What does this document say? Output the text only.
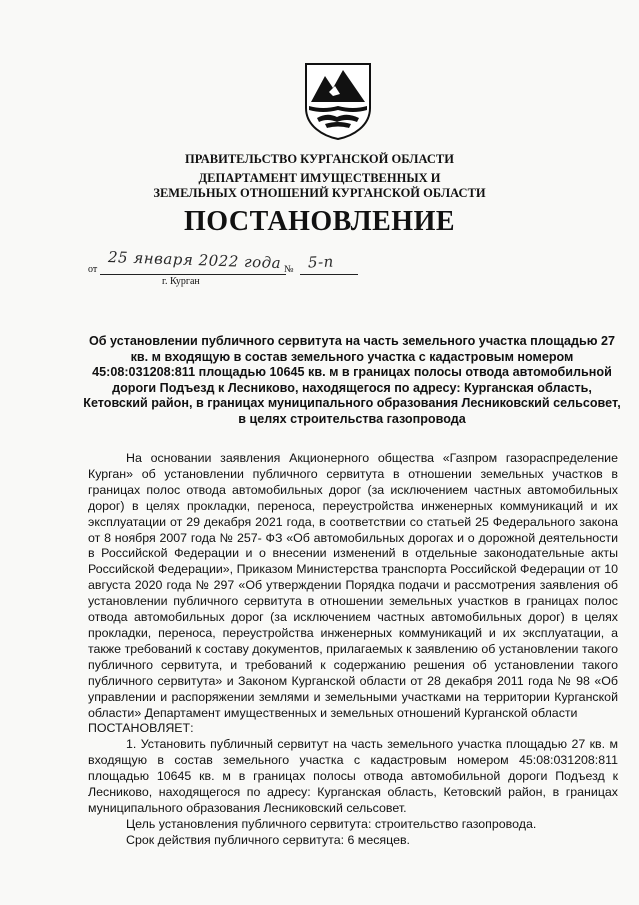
ПРАВИТЕЛЬСТВО КУРГАНСКОЙ ОБЛАСТИ
ДЕПАРТАМЕНТ ИМУЩЕСТВЕННЫХ И
ЗЕМЕЛЬНЫХ ОТНОШЕНИЙ КУРГАНСКОЙ ОБЛАСТИ
ПОСТАНОВЛЕНИЕ
от	№
25 января 2022 года 5-п
г. Курган
Об установлении публичного сервитута на часть земельного участка площадью 27 кв. м входящую в состав земельного участка с кадастровым номером 45:08:031208:811 площадью 10645 кв. м в границах полосы отвода автомобильной дороги Подъезд к Лесниково, находящегося по адресу: Курганская область, Кетовский район, в границах муниципального образования Лесниковский сельсовет, в целях строительства газопровода

На основании заявления Акционерного общества «Газпром газораспределение Курган» об установлении публичного сервитута в отношении земельных участков в границах полос отвода автомобильных дорог (за исключением частных автомобильных дорог) в целях прокладки, переноса, переустройства инженерных коммуникаций и их эксплуатации от 29 декабря 2021 года, в соответствии со статьей 25 Федерального закона от 8 ноября 2007 года № 257- ФЗ «Об автомобильных дорогах и о дорожной деятельности в Российской Федерации и о внесении изменений в отдельные законодательные акты Российской Федерации», Приказом Министерства транспорта Российской Федерации от 10 августа 2020 года № 297 «Об утверждении Порядка подачи и рассмотрения заявления об установлении публичного сервитута в отношении земельных участков в границах полос отвода автомобильных дорог (за исключением частных автомобильных дорог) в целях прокладки, переноса, переустройства инженерных коммуникаций и их эксплуатации, а также требований к составу документов, прилагаемых к заявлению об установлении такого публичного сервитута, и требований к содержанию решения об установлении такого публичного сервитута» и Законом Курганской области от 28 декабря 2011 года № 98 «Об управлении и распоряжении землями и земельными участками на территории Курганской области» Департамент имущественных и земельных отношений Курганской области

ПОСТАНОВЛЯЕТ:

1. Установить публичный сервитут на часть земельного участка площадью 27 кв. м входящую в состав земельного участка с кадастровым номером 45:08:031208:811 площадью 10645 кв. м в границах полосы отвода автомобильной дороги Подъезд к Лесниково, находящегося по адресу: Курганская область, Кетовский район, в границах муниципального образования Лесниковский сельсовет.

Цель установления публичного сервитута: строительство газопровода.

Срок действия публичного сервитута: 6 месяцев.
